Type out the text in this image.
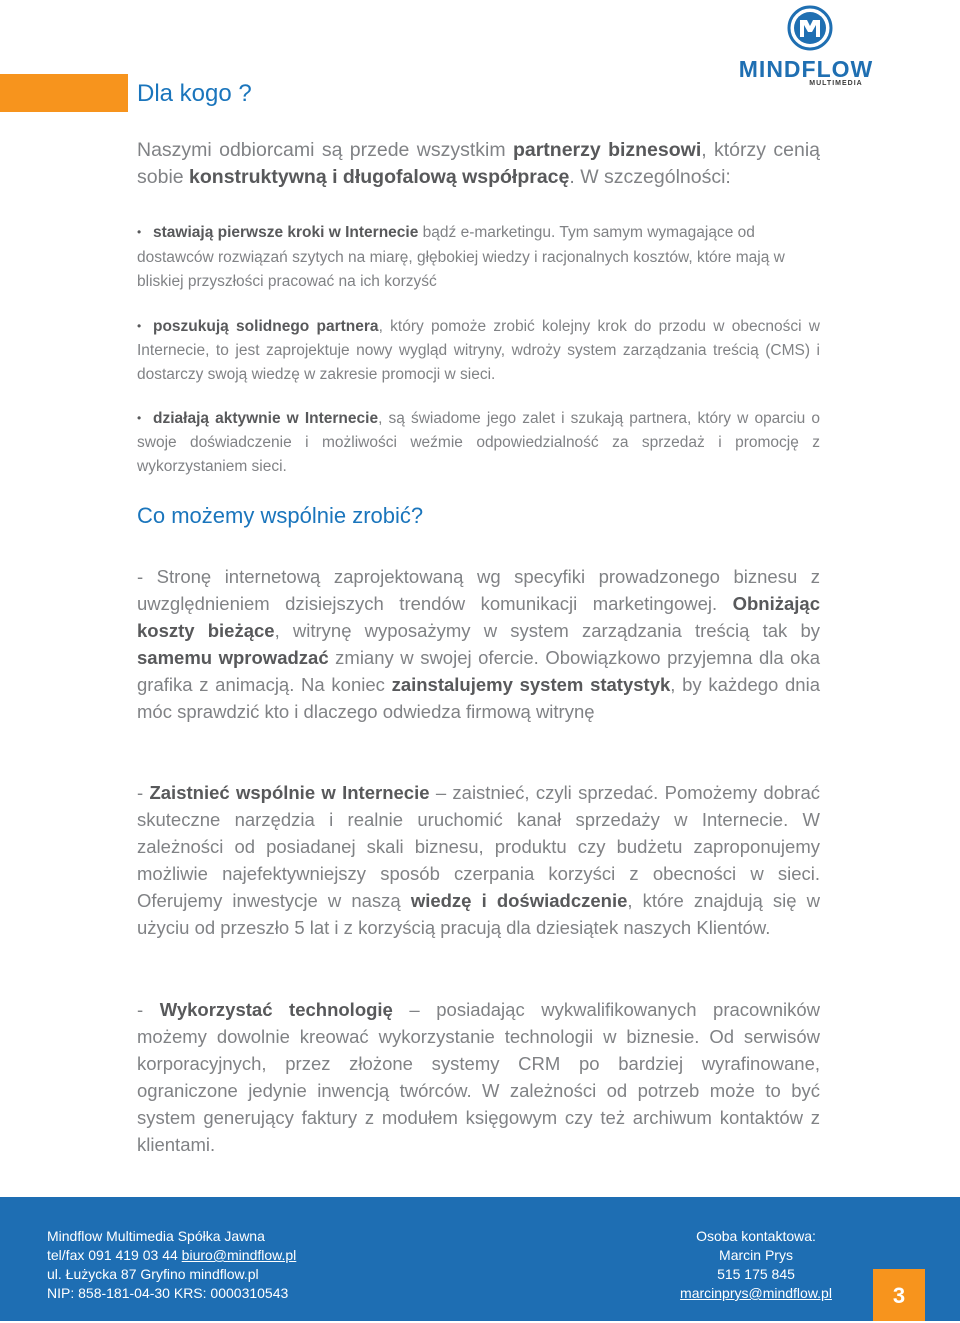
MINDFLOW
MULTIMEDIA
Dla kogo ?
Naszymi odbiorcami są przede wszystkim partnerzy biznesowi, którzy cenią sobie konstruktywną i długofalową współpracę. W szczególności:
• stawiają pierwsze kroki w Internecie bądź e-marketingu. Tym samym wymagające od dostawców rozwiązań szytych na miarę, głębokiej wiedzy i racjonalnych kosztów, które mają w bliskiej przyszłości pracować na ich korzyść
• poszukują solidnego partnera, który pomoże zrobić kolejny krok do przodu w obecności w Internecie, to jest zaprojektuje nowy wygląd witryny, wdroży system zarządzania treścią (CMS) i dostarczy swoją wiedzę w zakresie promocji w sieci.
• działają aktywnie w Internecie, są świadome jego zalet i szukają partnera, który w oparciu o swoje doświadczenie i możliwości weźmie odpowiedzialność za sprzedaż i promocję z wykorzystaniem sieci.
Co możemy wspólnie zrobić?
- Stronę internetową zaprojektowaną wg specyfiki prowadzonego biznesu z uwzględnieniem dzisiejszych trendów komunikacji marketingowej. Obniżając koszty bieżące, witrynę wyposażymy w system zarządzania treścią tak by samemu wprowadzać zmiany w swojej ofercie. Obowiązkowo przyjemna dla oka grafika z animacją. Na koniec zainstalujemy system statystyk, by każdego dnia móc sprawdzić kto i dlaczego odwiedza firmową witrynę
- Zaistnieć wspólnie w Internecie – zaistnieć, czyli sprzedać. Pomożemy dobrać skuteczne narzędzia i realnie uruchomić kanał sprzedaży w Internecie. W zależności od posiadanej skali biznesu, produktu czy budżetu zaproponujemy możliwie najefektywniejszy sposób czerpania korzyści z obecności w sieci. Oferujemy inwestycje w naszą wiedzę i doświadczenie, które znajdują się w użyciu od przeszło 5 lat i z korzyścią pracują dla dziesiątek naszych Klientów.
- Wykorzystać technologię – posiadając wykwalifikowanych pracowników możemy dowolnie kreować wykorzystanie technologii w biznesie. Od serwisów korporacyjnych, przez złożone systemy CRM po bardziej wyrafinowane, ograniczone jedynie inwencją twórców. W zależności od potrzeb może to być system generujący faktury z modułem księgowym czy też archiwum kontaktów z klientami.
Mindflow Multimedia Spółka Jawna
tel/fax 091 419 03 44 biuro@mindflow.pl
ul. Łużycka 87 Gryfino mindflow.pl
NIP: 858-181-04-30 KRS: 0000310543
Osoba kontaktowa:
Marcin Prys
515 175 845
marcinprys@mindflow.pl	3
